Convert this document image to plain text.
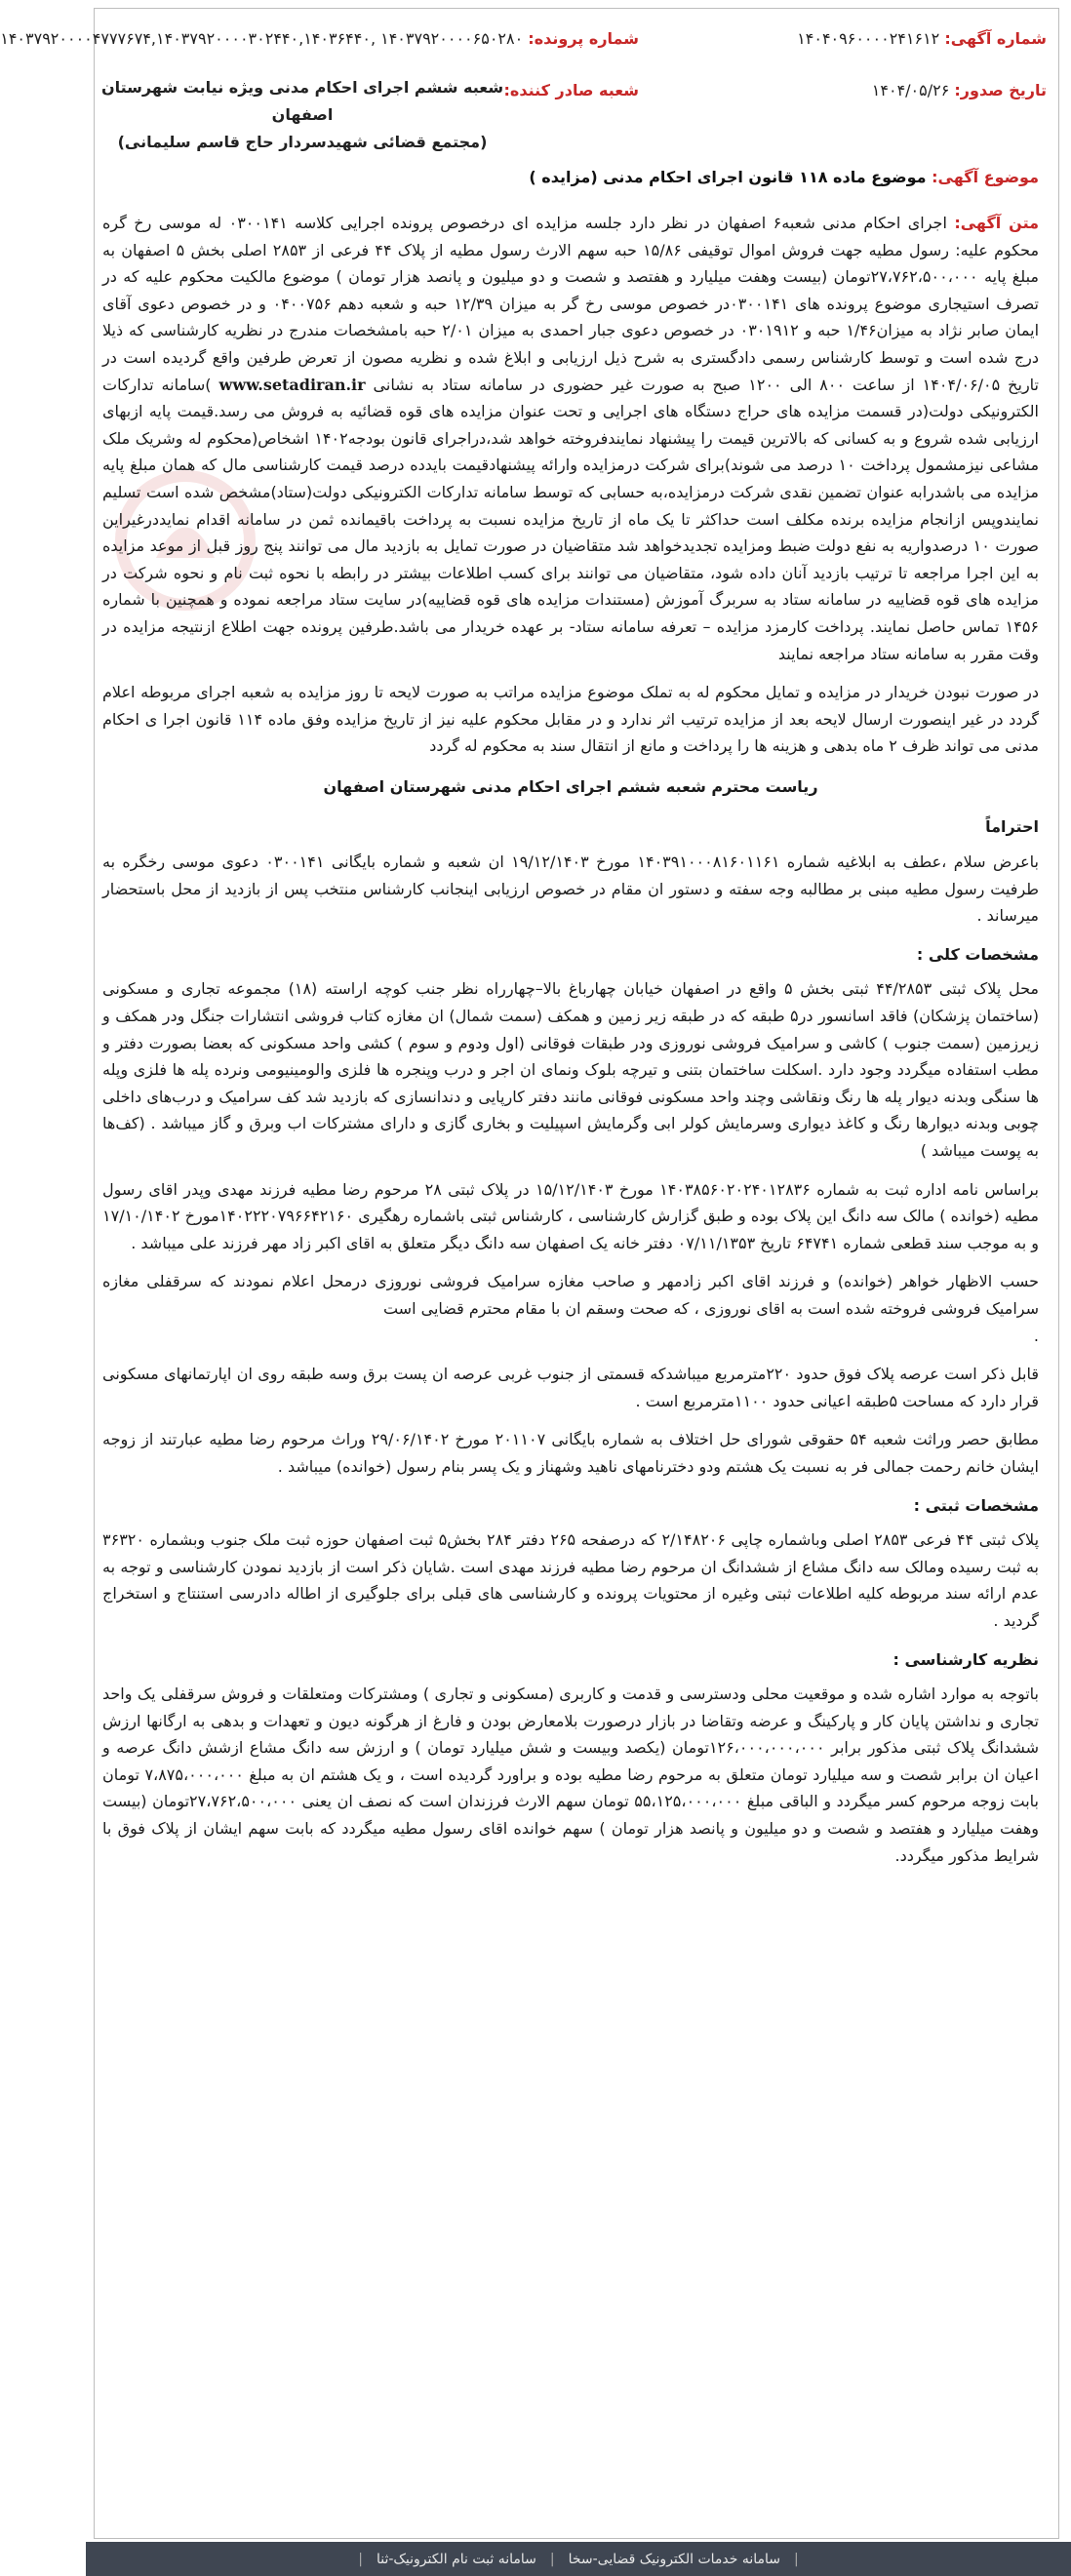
شماره آگهی: ۱۴۰۴۰۹۶۰۰۰۰۲۴۱۶۱۲
تاریخ صدور: ۱۴۰۴/۰۵/۲۶
شماره پرونده: ۱۴۰۳۷۹۲۰۰۰۰۶۵۰۲۸۰ ,۱۴۰۳۷۹۲۰۰۰۰۴۷۷۷۶۷۴,۱۴۰۳۷۹۲۰۰۰۰۳۰۲۴۴۰,۱۴۰۳۶۴۴۰
شعبه صادر کننده:
شعبه ششم اجرای احکام مدنی ویژه نیابت شهرستان اصفهان
(مجتمع قضائی شهیدسردار حاج قاسم سلیمانی)
موضوع آگهی: موضوع ماده ۱۱۸ قانون اجرای احکام مدنی (مزایده )

متن آگهی: اجرای احکام مدنی شعبه۶ اصفهان در نظر دارد جلسه مزایده ای درخصوص پرونده اجرایی کلاسه ۰۳۰۰۱۴۱ له موسی رخ گره محکوم علیه: رسول مطیه جهت فروش اموال توقیفی ۱۵/۸۶ حبه سهم الارث رسول مطیه از پلاک ۴۴ فرعی از ۲۸۵۳ اصلی بخش ۵ اصفهان به مبلغ پایه ۲۷،۷۶۲،۵۰۰،۰۰۰تومان (بیست وهفت میلیارد و هفتصد و شصت و دو میلیون و پانصد هزار تومان ) موضوع مالکیت محکوم علیه که در تصرف استیجاری موضوع پرونده های ۰۳۰۰۱۴۱در خصوص موسی رخ گر به میزان ۱۲/۳۹ حبه و شعبه دهم ۰۴۰۰۷۵۶ و در خصوص دعوی آقای ایمان صابر نژاد به میزان۱/۴۶ حبه و ۰۳۰۱۹۱۲ در خصوص دعوی جبار احمدی به میزان ۲/۰۱ حبه بامشخصات مندرج در نظریه کارشناسی که ذیلا درج شده است و توسط کارشناس رسمی دادگستری به شرح ذیل ارزیابی و ابلاغ شده و نظریه مصون از تعرض طرفین واقع گردیده است در تاریخ ۱۴۰۴/۰۶/۰۵ از ساعت ۸۰۰ الی ۱۲۰۰ صبح به صورت غیر حضوری در سامانه ستاد به نشانی www.setadiran.ir )سامانه تدارکات الکترونیکی دولت(در قسمت مزایده های حراج دستگاه های اجرایی و تحت عنوان مزایده های قوه قضائیه به فروش می رسد.قیمت پایه ازبهای ارزیابی شده شروع و به کسانی که بالاترین قیمت را پیشنهاد نمایندفروخته خواهد شد،دراجرای قانون بودجه۱۴۰۲ اشخاص(محکوم له وشریک ملک مشاعی نیزمشمول پرداخت ۱۰ درصد می شوند)برای شرکت درمزایده وارائه پیشنهادقیمت بایدده درصد قیمت کارشناسی مال که همان مبلغ پایه مزایده می باشدرابه عنوان تضمین نقدی شرکت درمزایده،به حسابی که توسط سامانه تدارکات الکترونیکی دولت(ستاد)مشخص شده است تسلیم نمایندوپس ازانجام مزایده برنده مکلف است حداکثر تا یک ماه از تاریخ مزایده نسبت به پرداخت باقیمانده ثمن در سامانه اقدام نمایددرغیراین صورت ۱۰ درصدواریه به نفع دولت ضبط ومزایده تجدیدخواهد شد متقاضیان در صورت تمایل به بازدید مال می توانند پنج روز قبل از موعد مزایده به این اجرا مراجعه تا ترتیب بازدید آنان داده شود، متقاضیان می توانند برای کسب اطلاعات بیشتر در رابطه با نحوه ثبت نام و نحوه شرکت در مزایده های قوه قضاییه در سامانه ستاد به سربرگ آموزش (مستندات مزایده های قوه قضاییه)در سایت ستاد مراجعه نموده و همچنین با شماره ۱۴۵۶ تماس حاصل نمایند. پرداخت کارمزد مزایده – تعرفه سامانه ستاد- بر عهده خریدار می باشد.طرفین پرونده جهت اطلاع ازنتیجه مزایده در وقت مقرر به سامانه ستاد مراجعه نمایند

در صورت نبودن خریدار در مزایده و تمایل محکوم له به تملک موضوع مزایده مراتب به صورت لایحه تا روز مزایده به شعبه اجرای مربوطه اعلام گردد در غیر اینصورت ارسال لایحه بعد از مزایده ترتیب اثر ندارد و در مقابل محکوم علیه نیز از تاریخ مزایده وفق ماده ۱۱۴ قانون اجرا ی احکام مدنی می تواند ظرف ۲ ماه بدهی و هزینه ها را پرداخت و مانع از انتقال سند به محکوم له گردد

ریاست محترم شعبه ششم اجرای احکام مدنی شهرستان اصفهان
احتراماً

باعرض سلام ،عطف به ابلاغیه شماره ۱۴۰۳۹۱۰۰۰۸۱۶۰۱۱۶۱ مورخ ۱۹/۱۲/۱۴۰۳ ان شعبه و شماره بایگانی ۰۳۰۰۱۴۱ دعوی موسی رخگره به طرفیت رسول مطیه مبنی بر مطالبه وجه سفته و دستور ان مقام در خصوص ارزیابی اینجانب کارشناس منتخب پس از بازدید از محل باستحضار میرساند .

مشخصات کلی :

محل پلاک ثبتی ۴۴/۲۸۵۳ ثبتی بخش ۵ واقع در اصفهان خیابان چهارباغ بالا–چهارراه نظر جنب کوچه اراسته (۱۸) مجموعه تجاری و مسکونی (ساختمان پزشکان) فاقد اسانسور در۵ طبقه که در طبقه زیر زمین و همکف (سمت شمال) ان مغازه کتاب فروشی انتشارات جنگل ودر همکف و زیرزمین (سمت جنوب ) کاشی و سرامیک فروشی نوروزی ودر طبقات فوقانی (اول ودوم و سوم ) کشی واحد مسکونی که بعضا بصورت دفتر و مطب استفاده میگردد وجود دارد .اسکلت ساختمان بتنی و تیرچه بلوک ونمای ان اجر و درب وپنجره ها فلزی والومینیومی ونرده پله ها فلزی وپله ها سنگی وبدنه دیوار پله ها رنگ ونقاشی وچند واحد مسکونی فوقانی مانند دفتر کارپایی و دندانسازی که بازدید شد کف سرامیک و درب‌های داخلی چوبی وبدنه دیوارها رنگ و کاغذ دیواری وسرمایش کولر ابی وگرمایش اسپیلیت و بخاری گازی و دارای مشترکات اب وبرق و گاز میباشد . (کف‌ها به پوست میباشد )

براساس نامه اداره ثبت به شماره ۱۴۰۳۸۵۶۰۲۰۲۴۰۱۲۸۳۶ مورخ ۱۵/۱۲/۱۴۰۳ در پلاک ثبتی ۲۸ مرحوم رضا مطیه فرزند مهدی وپدر اقای رسول مطیه (خوانده ) مالک سه دانگ این پلاک بوده و طبق گزارش کارشناسی ، کارشناس ثبتی باشماره رهگیری ۱۴۰۲۲۲۰۷۹۶۶۴۲۱۶۰مورخ ۱۷/۱۰/۱۴۰۲ و به موجب سند قطعی شماره ۶۴۷۴۱ تاریخ ۰۷/۱۱/۱۳۵۳ دفتر خانه یک اصفهان سه دانگ دیگر متعلق به اقای اکبر زاد مهر فرزند علی میباشد .

حسب الاظهار خواهر (خوانده) و فرزند اقای اکبر زادمهر و صاحب مغازه سرامیک فروشی نوروزی درمحل اعلام نمودند که سرقفلی مغازه سرامیک فروشی فروخته شده است به اقای نوروزی ، که صحت وسقم ان با مقام محترم قضایی است
.

قابل ذکر است عرصه پلاک فوق حدود ۲۲۰مترمربع میباشدکه قسمتی از جنوب غربی عرصه ان پست برق وسه طبقه روی ان اپارتمانهای مسکونی قرار دارد که مساحت ۵طبقه اعیانی حدود ۱۱۰۰مترمربع است .

مطابق حصر وراثت شعبه ۵۴ حقوقی شورای حل اختلاف به شماره بایگانی ۲۰۱۱۰۷ مورخ ۲۹/۰۶/۱۴۰۲ وراث مرحوم رضا مطیه عبارتند از زوجه ایشان خانم رحمت جمالی فر به نسبت یک هشتم ودو دخترنامهای ناهید وشهناز و یک پسر بنام رسول (خوانده) میباشد .

مشخصات ثبتی :

پلاک ثبتی ۴۴ فرعی ۲۸۵۳ اصلی وباشماره چاپی ۲/۱۴۸۲۰۶ که درصفحه ۲۶۵ دفتر ۲۸۴ بخش۵ ثبت اصفهان حوزه ثبت ملک جنوب وبشماره ۳۶۳۲۰ به ثبت رسیده ومالک سه دانگ مشاع از ششدانگ ان مرحوم رضا مطیه فرزند مهدی است .شایان ذکر است از بازدید نمودن کارشناسی و توجه به عدم ارائه سند مربوطه کلیه اطلاعات ثبتی وغیره از محتویات پرونده و کارشناسی های قبلی برای جلوگیری از اطاله دادرسی استنتاج و استخراج گردید .

نظریه کارشناسی :

باتوجه به موارد اشاره شده و موقعیت محلی ودسترسی و قدمت و کاربری (مسکونی و تجاری ) ومشترکات ومتعلقات و فروش سرقفلی یک واحد تجاری و نداشتن پایان کار و پارکینگ و عرضه وتقاضا در بازار درصورت بلامعارض بودن و فارغ از هرگونه دیون و تعهدات و بدهی به ارگانها ارزش ششدانگ پلاک ثبتی مذکور برابر ۱۲۶،۰۰۰،۰۰۰،۰۰۰تومان (یکصد وبیست و شش میلیارد تومان ) و ارزش سه دانگ مشاع ازشش دانگ عرصه و اعیان ان برابر شصت و سه میلیارد تومان متعلق به مرحوم رضا مطیه بوده و براورد گردیده است ، و یک هشتم ان به مبلغ ۷،۸۷۵،۰۰۰،۰۰۰ تومان بابت زوجه مرحوم کسر میگردد و الباقی مبلغ ۵۵،۱۲۵،۰۰۰،۰۰۰ تومان سهم الارث فرزندان است که نصف ان یعنی ۲۷،۷۶۲،۵۰۰،۰۰۰تومان (بیست وهفت میلیارد و هفتصد و شصت و دو میلیون و پانصد هزار تومان ) سهم خوانده اقای رسول مطیه میگردد که بابت سهم ایشان از پلاک فوق با شرایط مذکور میگردد.

|
سامانه خدمات الکترونیک قضایی-سخا
|
سامانه ثبت نام الکترونیک-ثنا
|
